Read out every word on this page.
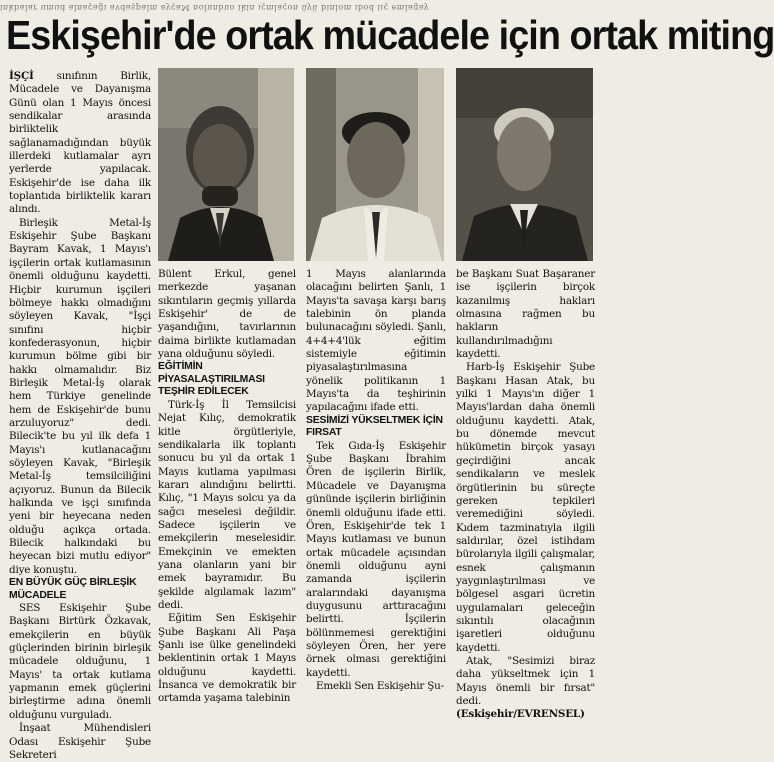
inkbalar umud alnaçağı avdaşpalm ayçaM nolunbuo ikin ıçmlaçon üyü binlom ıbod iıç emlagay
Eskişehir'de ortak mücadele için ortak miting

İŞÇİ sınıfının Birlik, Mücadele ve Dayanışma Günü olan 1 Mayıs öncesi sendikalar arasında birliktelik sağlanamadığından büyük illerdeki kutlamalar ayrı yerlerde yapılacak. Eskişehir'de ise daha ilk toplantıda birliktelik kararı alındı.

Birleşik Metal-İş Eskişehir Şube Başkanı Bayram Kavak, 1 Mayıs'ı işçilerin ortak kutlamasının önemli olduğunu kaydetti. Hiçbir kurumun işçileri bölmeye hakkı olmadığını söyleyen Kavak, "İşçi sınıfını hiçbir konfederasyonun, hiçbir kurumun bölme gibi bir hakkı olmamalıdır. Biz Birleşik Metal-İş olarak hem Türkiye genelinde hem de Eskişehir'de bunu arzuluyoruz" dedi. Bilecik'te bu yıl ilk defa 1 Mayıs'ı kutlanacağını söyleyen Kavak, "Birleşik Metal-İş temsilciliğini açıyoruz. Bunun da Bilecik halkında ve işçi sınıfında yeni bir heyecana neden olduğu açıkça ortada. Bilecik halkındaki bu heyecan bizi mutlu ediyor" diye konuştu.

EN BÜYÜK GÜÇ BİRLEŞİK MÜCADELE

SES Eskişehir Şube Başkanı Birtürk Özkavak, emekçilerin en büyük güçlerinden birinin birleşik mücadele olduğunu, 1 Mayıs' ta ortak kutlama yapmanın emek güçlerini birleştirme adına önemli olduğunu vurguladı.

İnşaat Mühendisleri Odası Eskişehir Şube Sekreteri

Bülent Erkul, genel merkezde yaşanan sıkıntıların geçmiş yıllarda Eskişehir' de de yaşandığını, tavırlarının daima birlikte kutlamadan yana olduğunu söyledi.

EĞİTİMİN PİYASALAŞTIRILMASI TEŞHİR EDİLECEK

Türk-İş İl Temsilcisi Nejat Kılıç, demokratik kitle örgütleriyle, sendikalarla ilk toplantı sonucu bu yıl da ortak 1 Mayıs kutlama yapılması kararı alındığını belirtti. Kılıç, "1 Mayıs solcu ya da sağcı meselesi değildir. Sadece işçilerin ve emekçilerin meselesidir. Emekçinin ve emekten yana olanların yani bir emek bayramıdır. Bu şekilde algılamak lazım" dedi.

Eğitim Sen Eskişehir Şube Başkanı Ali Paşa Şanlı ise ülke genelindeki beklentinin ortak 1 Mayıs olduğunu kaydetti. İnsanca ve demokratik bir ortamda yaşama talebinin

1 Mayıs alanlarında olacağını belirten Şanlı, 1 Mayıs'ta savaşa karşı barış talebinin ön planda bulunacağını söyledi. Şanlı, 4+4+4'lük eğitim sistemiyle eğitimin piyasalaştırılmasına yönelik politikanın 1 Mayıs'ta da teşhirinin yapılacağını ifade etti.

SESİMİZİ YÜKSELTMEK İÇİN FIRSAT

Tek Gıda-İş Eskişehir Şube Başkanı İbrahim Ören de işçilerin Birlik, Mücadele ve Dayanışma gününde işçilerin birliğinin önemli olduğunu ifade etti. Ören, Eskişehir'de tek 1 Mayıs kutlaması ve bunun ortak mücadele açısından önemli olduğunu ayni zamanda işçilerin aralarındaki dayanışma duygusunu arttıracağını belirtti. İşçilerin bölünmemesi gerektiğini söyleyen Ören, her yere örnek olması gerektiğini kaydetti.

Emekli Sen Eskişehir Şu-

be Başkanı Suat Başaraner ise işçilerin birçok kazanılmış hakları olmasına rağmen bu hakların kullandırılmadığını kaydetti.

Harb-İş Eskişehir Şube Başkanı Hasan Atak, bu yılki 1 Mayıs'ın diğer 1 Mayıs'lardan daha önemli olduğunu kaydetti. Atak, bu dönemde mevcut hükümetin birçok yasayı geçirdiğini ancak sendikaların ve meslek örgütlerinin bu süreçte gereken tepkileri veremediğini söyledi. Kıdem tazminatıyla ilgili saldırılar, özel istihdam bürolarıyla ilgili çalışmalar, esnek çalışmanın yaygınlaştırılması ve bölgesel asgari ücretin uygulamaları geleceğin sıkıntılı olacağının işaretleri olduğunu kaydetti.

Atak, "Sesimizi biraz daha yükseltmek için 1 Mayıs önemli bir fırsat" dedi.

(Eskişehir/EVRENSEL)
